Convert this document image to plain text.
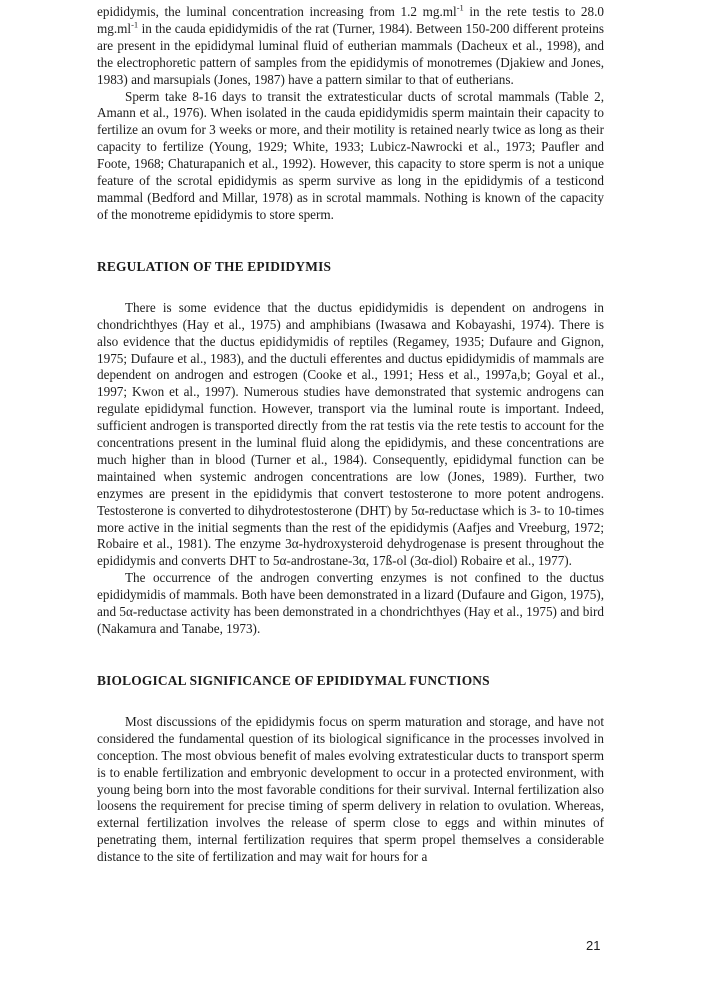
epididymis, the luminal concentration increasing from 1.2 $mg.ml^{-1}$ in the rete testis to 28.0 $mg.ml^{-1}$ in the cauda epididymidis of the rat (Turner, 1984). Between 150-200 different proteins are present in the epididymal luminal fluid of eutherian mammals (Dacheux et al., 1998), and the electrophoretic pattern of samples from the epididymis of monotremes (Djakiew and Jones, 1983) and marsupials (Jones, 1987) have a pattern similar to that of eutherians.

Sperm take 8-16 days to transit the extratesticular ducts of scrotal mammals (Table 2, Amann et al., 1976). When isolated in the cauda epididymidis sperm maintain their capacity to fertilize an ovum for 3 weeks or more, and their motility is retained nearly twice as long as their capacity to fertilize (Young, 1929; White, 1933; Lubicz-Nawrocki et al., 1973; Paufler and Foote, 1968; Chaturapanich et al., 1992). However, this capacity to store sperm is not a unique feature of the scrotal epididymis as sperm survive as long in the epididymis of a testicond mammal (Bedford and Millar, 1978) as in scrotal mammals. Nothing is known of the capacity of the monotreme epididymis to store sperm.

REGULATION OF THE EPIDIDYMIS

There is some evidence that the ductus epididymidis is dependent on androgens in chondrichthyes (Hay et al., 1975) and amphibians (Iwasawa and Kobayashi, 1974). There is also evidence that the ductus epididymidis of reptiles (Regamey, 1935; Dufaure and Gignon, 1975; Dufaure et al., 1983), and the ductuli efferentes and ductus epididymidis of mammals are dependent on androgen and estrogen (Cooke et al., 1991; Hess et al., 1997a,b; Goyal et al., 1997; Kwon et al., 1997). Numerous studies have demonstrated that systemic androgens can regulate epididymal function. However, transport via the luminal route is important. Indeed, sufficient androgen is transported directly from the rat testis via the rete testis to account for the concentrations present in the luminal fluid along the epididymis, and these concentrations are much higher than in blood (Turner et al., 1984). Consequently, epididymal function can be maintained when systemic androgen concentrations are low (Jones, 1989). Further, two enzymes are present in the epididymis that convert testosterone to more potent androgens. Testosterone is converted to dihydrotestosterone (DHT) by 5α-reductase which is 3- to 10-times more active in the initial segments than the rest of the epididymis (Aafjes and Vreeburg, 1972; Robaire et al., 1981). The enzyme 3α-hydroxysteroid dehydrogenase is present throughout the epididymis and converts DHT to 5α-androstane-3α, 17ß-ol (3α-diol) Robaire et al., 1977).

The occurrence of the androgen converting enzymes is not confined to the ductus epididymidis of mammals. Both have been demonstrated in a lizard (Dufaure and Gigon, 1975), and 5α-reductase activity has been demonstrated in a chondrichthyes (Hay et al., 1975) and bird (Nakamura and Tanabe, 1973).

BIOLOGICAL SIGNIFICANCE OF EPIDIDYMAL FUNCTIONS

Most discussions of the epididymis focus on sperm maturation and storage, and have not considered the fundamental question of its biological significance in the processes involved in conception. The most obvious benefit of males evolving extratesticular ducts to transport sperm is to enable fertilization and embryonic development to occur in a protected environment, with young being born into the most favorable conditions for their survival. Internal fertilization also loosens the requirement for precise timing of sperm delivery in relation to ovulation. Whereas, external fertilization involves the release of sperm close to eggs and within minutes of penetrating them, internal fertilization requires that sperm propel themselves a considerable distance to the site of fertilization and may wait for hours for a

21
